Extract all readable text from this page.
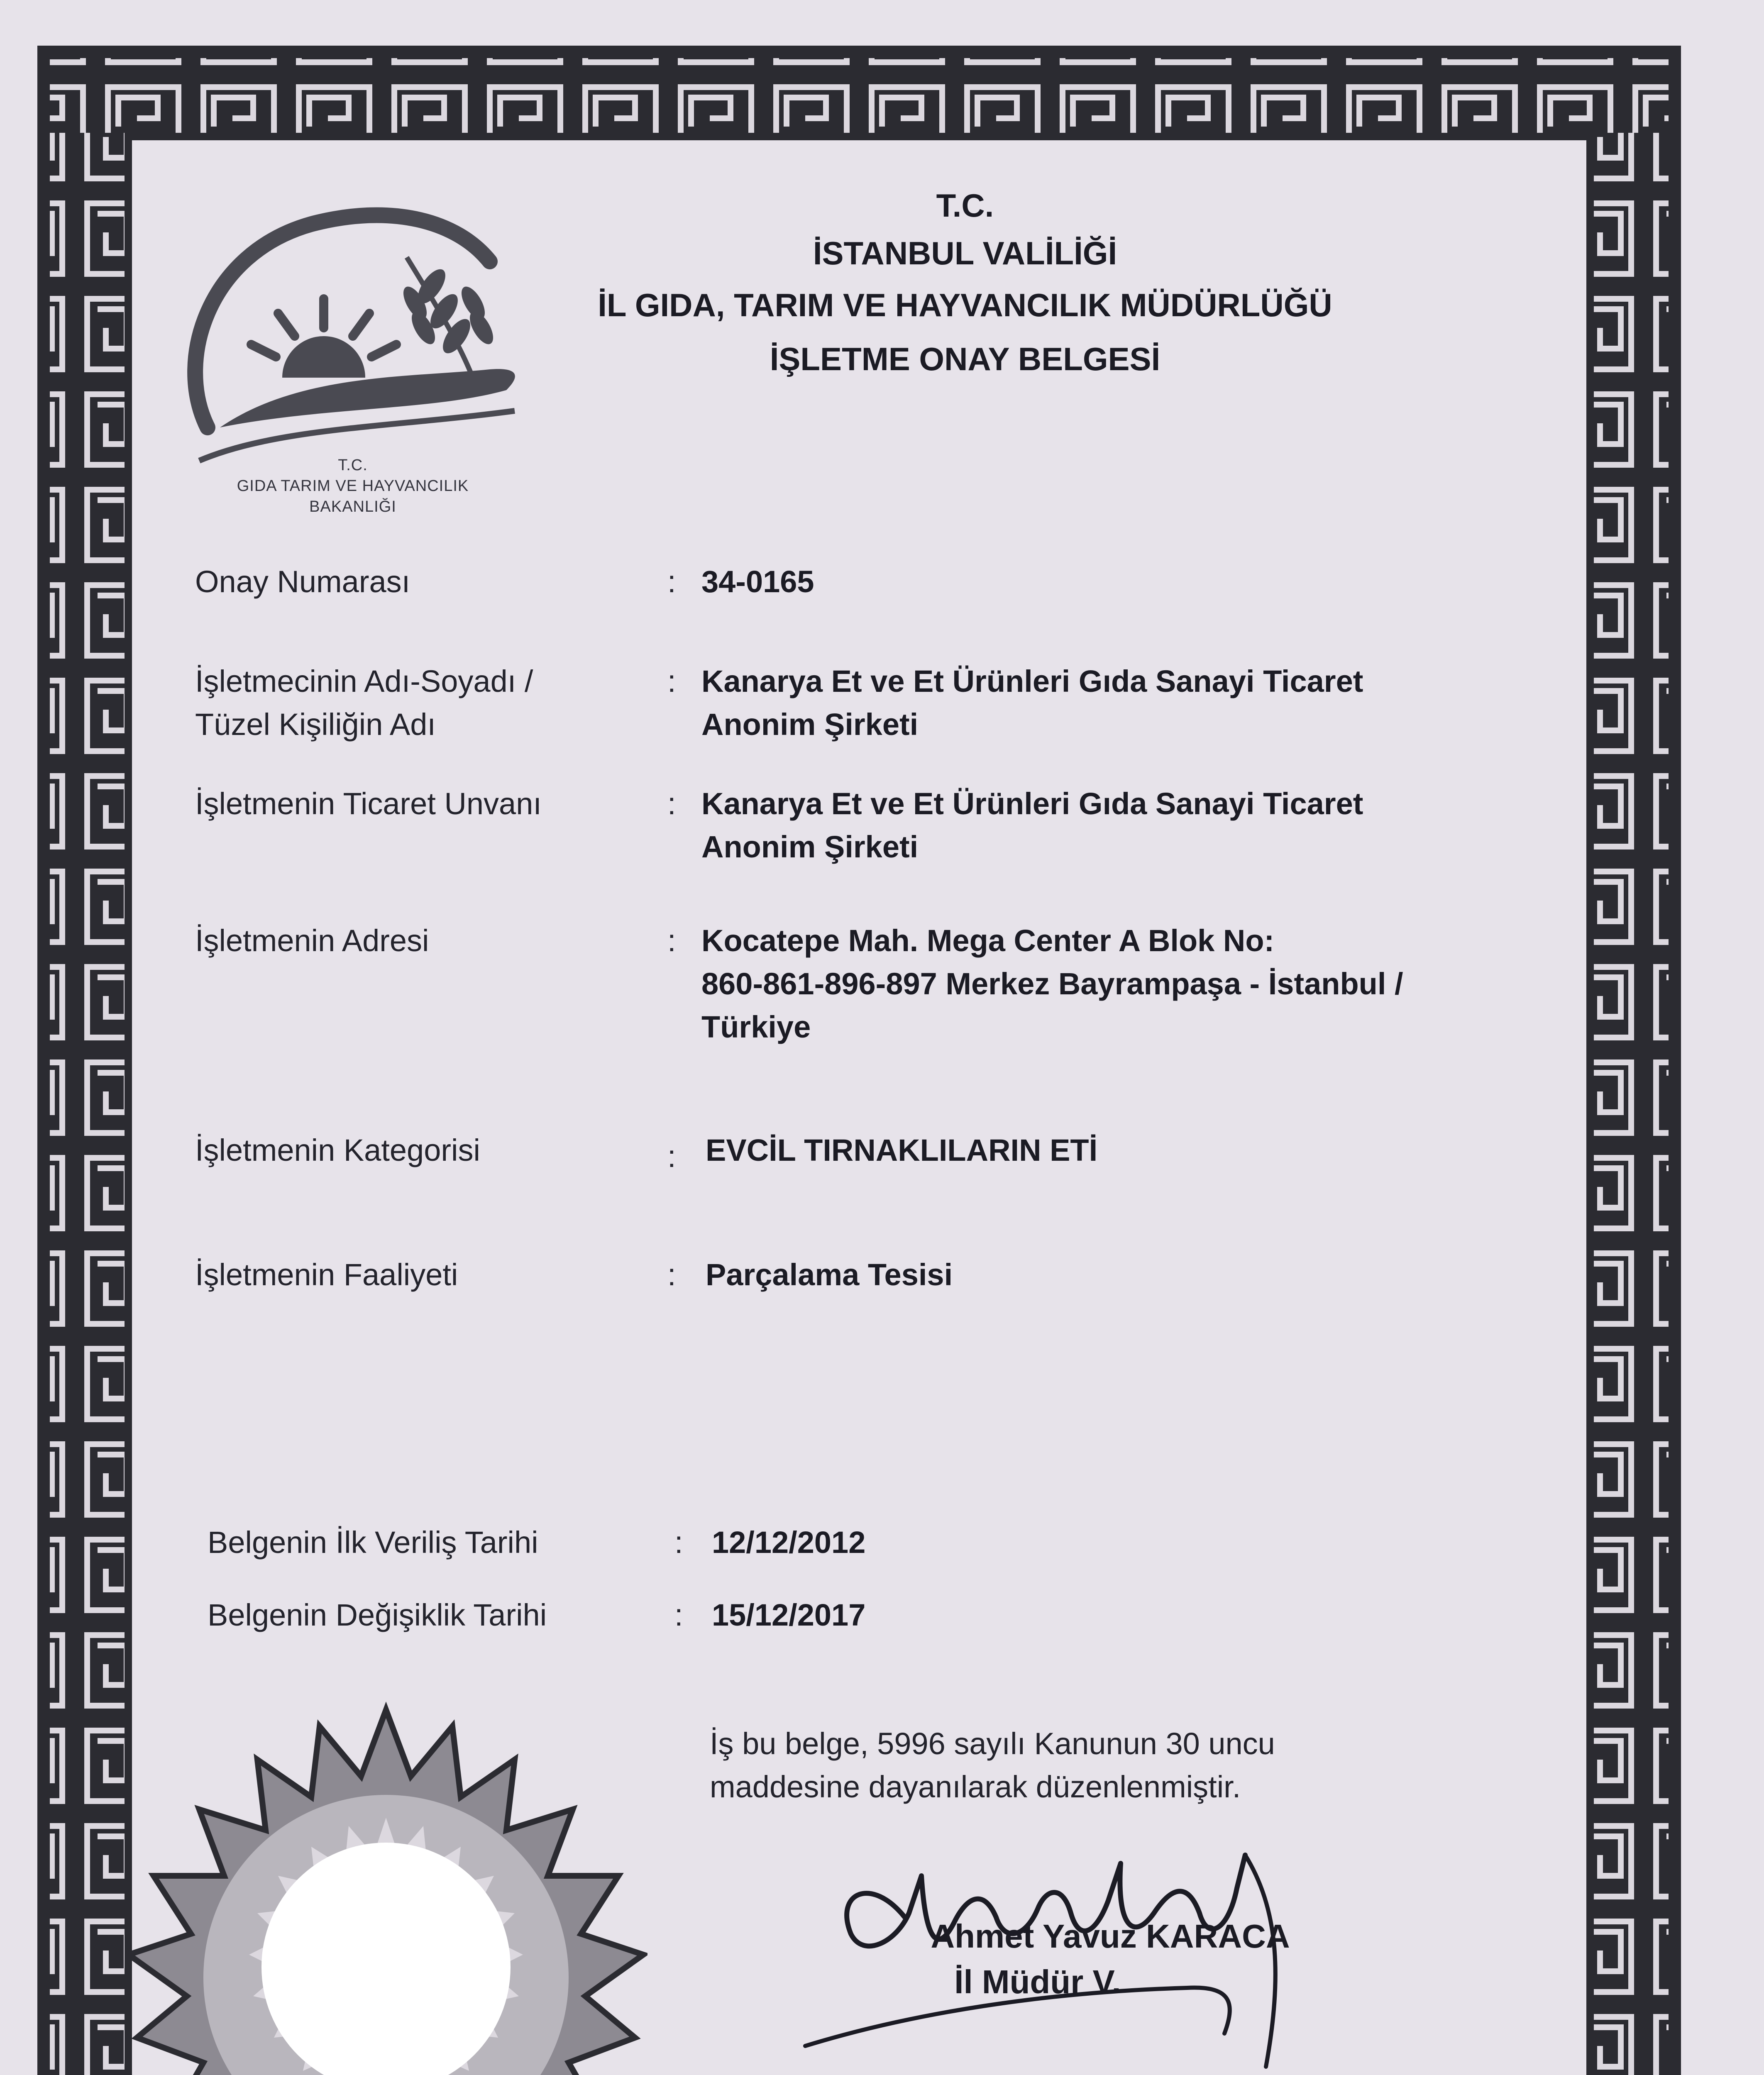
T.C.
GIDA TARIM VE HAYVANCILIK
BAKANLIĞI
T.C.
İSTANBUL VALİLİĞİ
İL GIDA, TARIM VE HAYVANCILIK MÜDÜRLÜĞÜ
İŞLETME ONAY BELGESİ
Onay Numarası	: 34-0165
İşletmecinin Adı-Soyadı /
Tüzel Kişiliğin Adı
: Kanarya Et ve Et Ürünleri Gıda Sanayi Ticaret
Anonim Şirketi
İşletmenin Ticaret Unvanı	: Kanarya Et ve Et Ürünleri Gıda Sanayi Ticaret
Anonim Şirketi
İşletmenin Adresi	: Kocatepe Mah. Mega Center A Blok No:
860-861-896-897 Merkez Bayrampaşa - İstanbul /
Türkiye
İşletmenin Kategorisi	: EVCİL TIRNAKLILARIN ETİ
İşletmenin Faaliyeti	: Parçalama Tesisi
Belgenin İlk Veriliş Tarihi	: 12/12/2012
Belgenin Değişiklik Tarihi	: 15/12/2017
İş bu belge, 5996 sayılı Kanunun 30 uncu
maddesine dayanılarak düzenlenmiştir.
Ahmet Yavuz KARACA
İl Müdür V.
